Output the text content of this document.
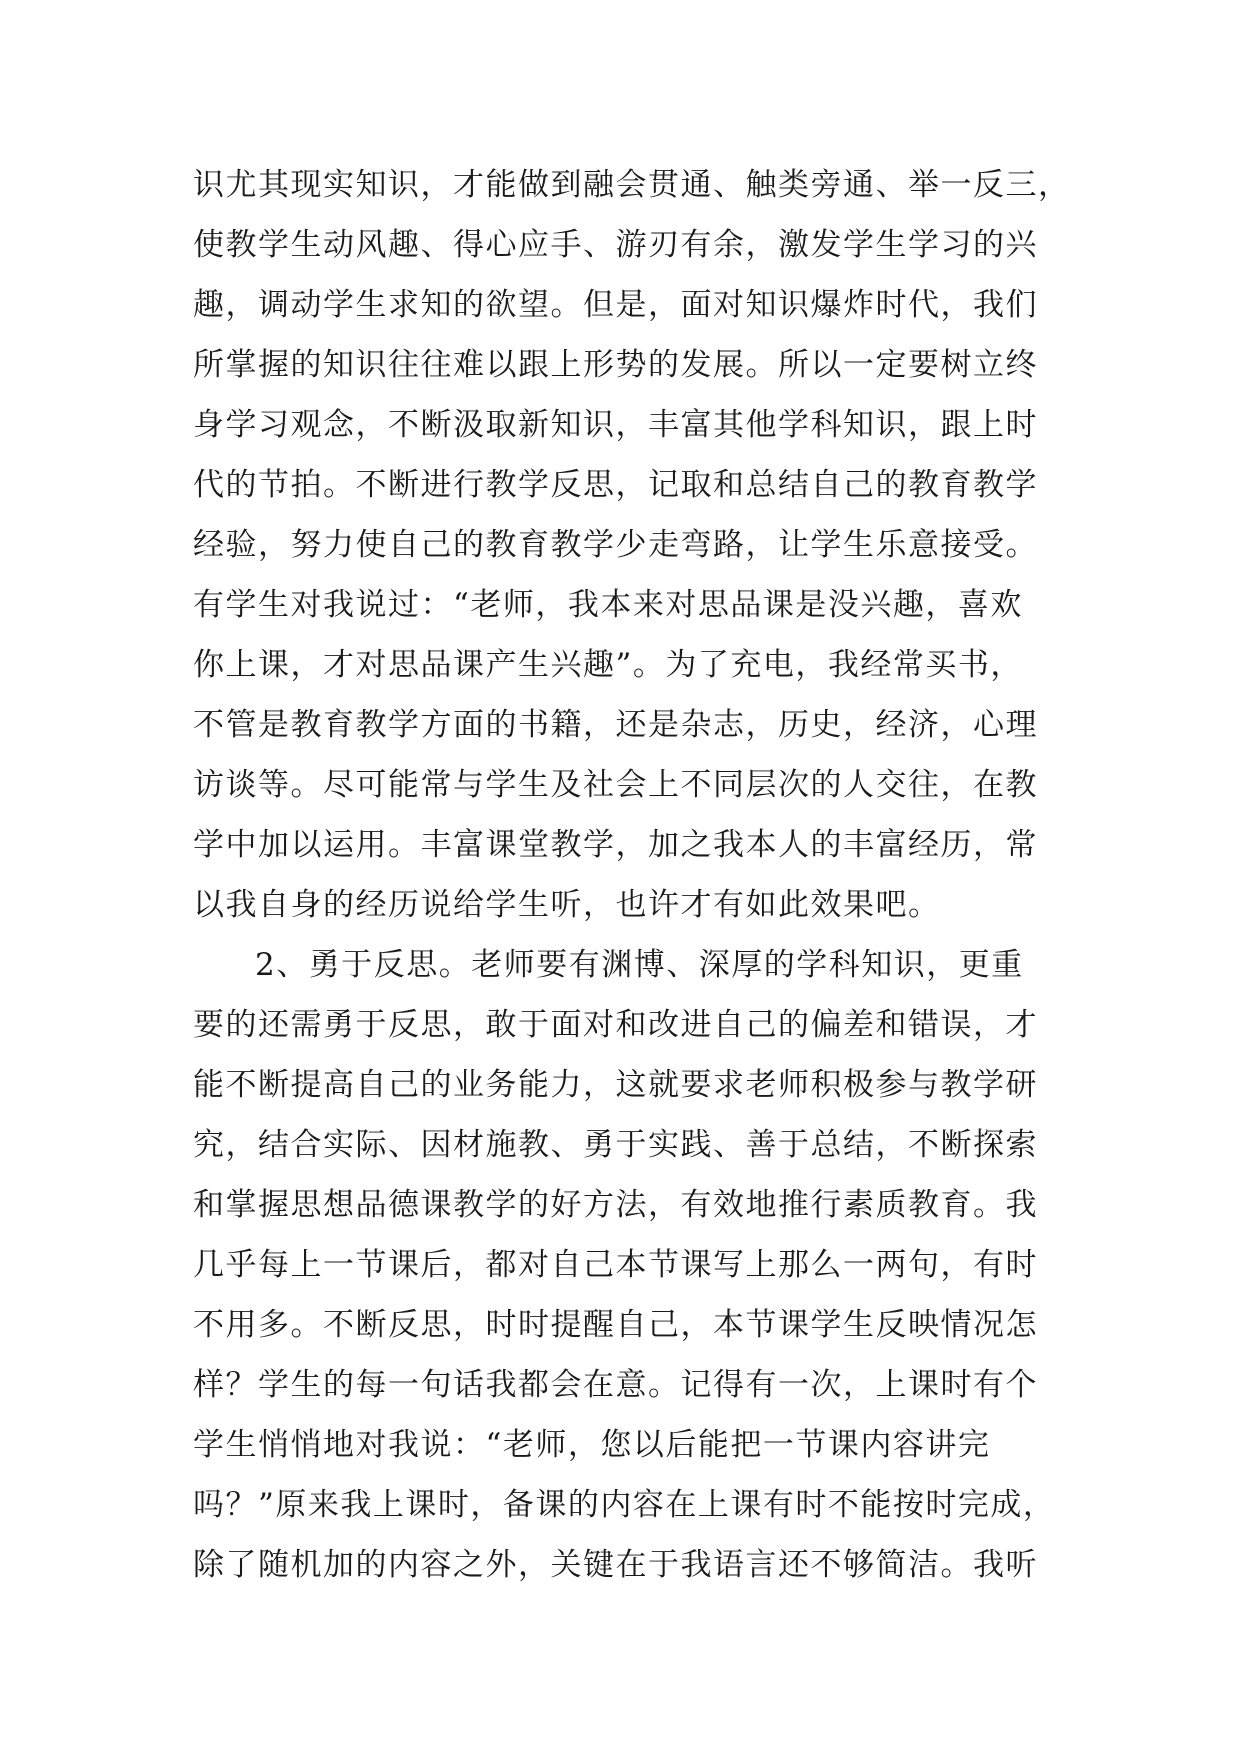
识尤其现实知识，才能做到融会贯通、触类旁通、举一反三，
使教学生动风趣、得心应手、游刃有余，激发学生学习的兴
趣，调动学生求知的欲望。但是，面对知识爆炸时代，我们
所掌握的知识往往难以跟上形势的发展。所以一定要树立终
身学习观念，不断汲取新知识，丰富其他学科知识，跟上时
代的节拍。不断进行教学反思，记取和总结自己的教育教学
经验，努力使自己的教育教学少走弯路，让学生乐意接受。
有学生对我说过：“老师，我本来对思品课是没兴趣，喜欢
你上课，才对思品课产生兴趣”。为了充电，我经常买书，
不管是教育教学方面的书籍，还是杂志，历史，经济，心理
访谈等。尽可能常与学生及社会上不同层次的人交往，在教
学中加以运用。丰富课堂教学，加之我本人的丰富经历，常
以我自身的经历说给学生听，也许才有如此效果吧。
2、勇于反思。老师要有渊博、深厚的学科知识，更重
要的还需勇于反思，敢于面对和改进自己的偏差和错误，才
能不断提高自己的业务能力，这就要求老师积极参与教学研
究，结合实际、因材施教、勇于实践、善于总结，不断探索
和掌握思想品德课教学的好方法，有效地推行素质教育。我
几乎每上一节课后，都对自己本节课写上那么一两句，有时
不用多。不断反思，时时提醒自己，本节课学生反映情况怎
样？学生的每一句话我都会在意。记得有一次，上课时有个
学生悄悄地对我说：“老师，您以后能把一节课内容讲完
吗？”原来我上课时，备课的内容在上课有时不能按时完成，
除了随机加的内容之外，关键在于我语言还不够简洁。我听
